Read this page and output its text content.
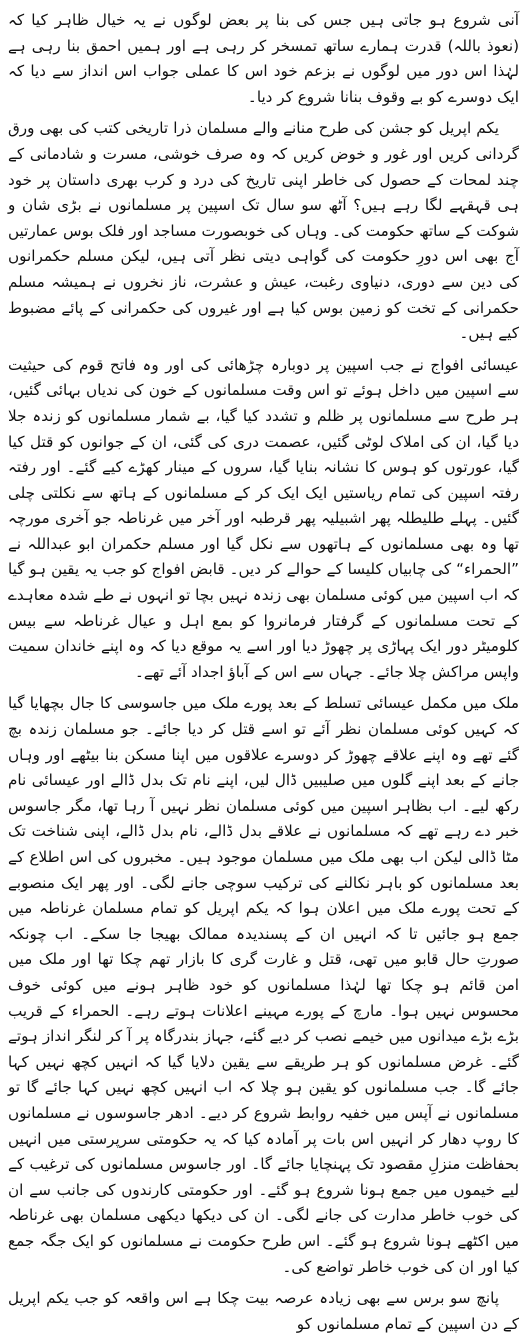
آنی شروع ہو جاتی ہیں جس کی بنا پر بعض لوگوں نے یہ خیال ظاہر کیا کہ (نعوذ باللہ) قدرت ہمارے ساتھ تمسخر کر رہی ہے اور ہمیں احمق بنا رہی ہے لہٰذا اس دور میں لوگوں نے بزعم خود اس کا عملی جواب اس انداز سے دیا کہ ایک دوسرے کو بے وقوف بنانا شروع کر دیا۔

یکم اپریل کو جشن کی طرح منانے والے مسلمان ذرا تاریخی کتب کی بھی ورق گردانی کریں اور غور و خوض کریں کہ وہ صرف خوشی، مسرت و شادمانی کے چند لمحات کے حصول کی خاطر اپنی تاریخ کی درد و کرب بھری داستان پر خود ہی قہقہے لگا رہے ہیں؟ آٹھ سو سال تک اسپین پر مسلمانوں نے بڑی شان و شوکت کے ساتھ حکومت کی۔ وہاں کی خوبصورت مساجد اور فلک بوس عمارتیں آج بھی اس دورِ حکومت کی گواہی دیتی نظر آتی ہیں، لیکن مسلم حکمرانوں کی دین سے دوری، دنیاوی رغبت، عیش و عشرت، ناز نخروں نے ہمیشہ مسلم حکمرانی کے تخت کو زمین بوس کیا ہے اور غیروں کی حکمرانی کے پائے مضبوط کیے ہیں۔

عیسائی افواج نے جب اسپین پر دوبارہ چڑھائی کی اور وہ فاتح قوم کی حیثیت سے اسپین میں داخل ہوئے تو اس وقت مسلمانوں کے خون کی ندیاں بہائی گئیں، ہر طرح سے مسلمانوں پر ظلم و تشدد کیا گیا، بے شمار مسلمانوں کو زندہ جلا دیا گیا، ان کی املاک لوٹی گئیں، عصمت دری کی گئی، ان کے جوانوں کو قتل کیا گیا، عورتوں کو ہوس کا نشانہ بنایا گیا، سروں کے مینار کھڑے کیے گئے۔ اور رفتہ رفتہ اسپین کی تمام ریاستیں ایک ایک کر کے مسلمانوں کے ہاتھ سے نکلتی چلی گئیں۔ پہلے طلیطلہ پھر اشبیلیہ پھر قرطبہ اور آخر میں غرناطہ جو آخری مورچہ تھا وہ بھی مسلمانوں کے ہاتھوں سے نکل گیا اور مسلم حکمران ابو عبداللہ نے ”الحمراء“ کی چابیاں کلیسا کے حوالے کر دیں۔ قابض افواج کو جب یہ یقین ہو گیا کہ اب اسپین میں کوئی مسلمان بھی زندہ نہیں بچا تو انہوں نے طے شدہ معاہدے کے تحت مسلمانوں کے گرفتار فرمانروا کو بمع اہل و عیال غرناطہ سے بیس کلومیٹر دور ایک پہاڑی پر چھوڑ دیا اور اسے یہ موقع دیا کہ وہ اپنے خاندان سمیت واپس مراکش چلا جائے۔ جہاں سے اس کے آباؤ اجداد آئے تھے۔

ملک میں مکمل عیسائی تسلط کے بعد پورے ملک میں جاسوسی کا جال بچھایا گیا کہ کہیں کوئی مسلمان نظر آئے تو اسے قتل کر دیا جائے۔ جو مسلمان زندہ بچ گئے تھے وہ اپنے علاقے چھوڑ کر دوسرے علاقوں میں اپنا مسکن بنا بیٹھے اور وہاں جانے کے بعد اپنے گلوں میں صلیبیں ڈال لیں، اپنے نام تک بدل ڈالے اور عیسائی نام رکھ لیے۔ اب بظاہر اسپین میں کوئی مسلمان نظر نہیں آ رہا تھا، مگر جاسوس خبر دے رہے تھے کہ مسلمانوں نے علاقے بدل ڈالے، نام بدل ڈالے، اپنی شناخت تک مٹا ڈالی لیکن اب بھی ملک میں مسلمان موجود ہیں۔ مخبروں کی اس اطلاع کے بعد مسلمانوں کو باہر نکالنے کی ترکیب سوچی جانے لگی۔ اور پھر ایک منصوبے کے تحت پورے ملک میں اعلان ہوا کہ یکم اپریل کو تمام مسلمان غرناطہ میں جمع ہو جائیں تا کہ انہیں ان کے پسندیدہ ممالک بھیجا جا سکے۔ اب چونکہ صورتِ حال قابو میں تھی، قتل و غارت گری کا بازار تھم چکا تھا اور ملک میں امن قائم ہو چکا تھا لہٰذا مسلمانوں کو خود ظاہر ہونے میں کوئی خوف محسوس نہیں ہوا۔ مارچ کے پورے مہینے اعلانات ہوتے رہے۔ الحمراء کے قریب بڑے بڑے میدانوں میں خیمے نصب کر دیے گئے، جہاز بندرگاہ پر آ کر لنگر انداز ہوتے گئے۔ غرض مسلمانوں کو ہر طریقے سے یقین دلایا گیا کہ انہیں کچھ نہیں کہا جائے گا۔ جب مسلمانوں کو یقین ہو چلا کہ اب انہیں کچھ نہیں کہا جائے گا تو مسلمانوں نے آپس میں خفیہ روابط شروع کر دیے۔ ادھر جاسوسوں نے مسلمانوں کا روپ دھار کر انہیں اس بات پر آمادہ کیا کہ یہ حکومتی سرپرستی میں انہیں بحفاظت منزلِ مقصود تک پہنچایا جائے گا۔ اور جاسوس مسلمانوں کی ترغیب کے لیے خیموں میں جمع ہونا شروع ہو گئے۔ اور حکومتی کارندوں کی جانب سے ان کی خوب خاطر مدارت کی جانے لگی۔ ان کی دیکھا دیکھی مسلمان بھی غرناطہ میں اکٹھے ہونا شروع ہو گئے۔ اس طرح حکومت نے مسلمانوں کو ایک جگہ جمع کیا اور ان کی خوب خاطر تواضع کی۔

پانچ سو برس سے بھی زیادہ عرصہ بیت چکا ہے اس واقعہ کو جب یکم اپریل کے دن اسپین کے تمام مسلمانوں کو
